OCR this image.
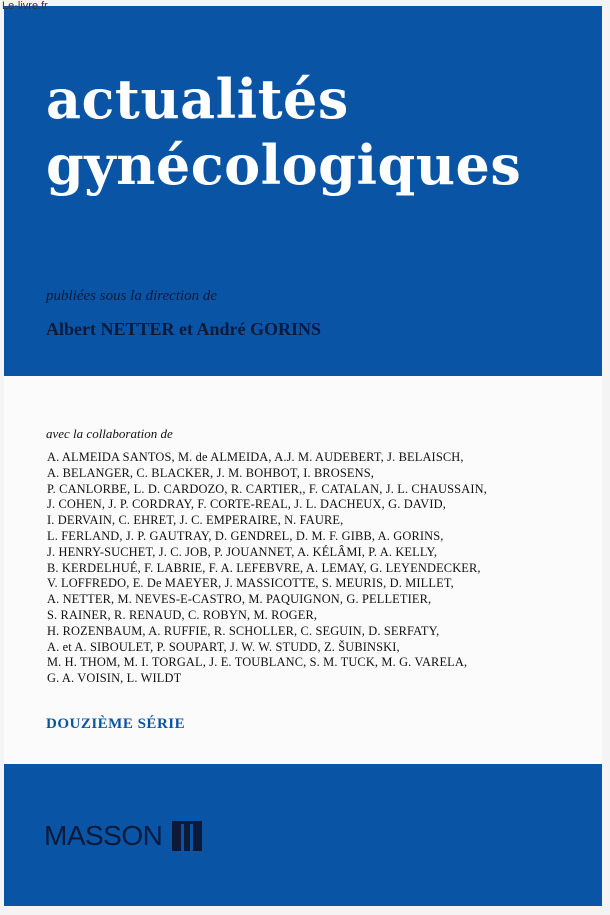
Le-livre.fr
actualités
gynécologiques
publiées sous la direction de
Albert NETTER et André GORINS
avec la collaboration de
A. ALMEIDA SANTOS, M. de ALMEIDA, A.J. M. AUDEBERT, J. BELAISCH,
A. BELANGER, C. BLACKER, J. M. BOHBOT, I. BROSENS,
P. CANLORBE, L. D. CARDOZO, R. CARTIER,, F. CATALAN, J. L. CHAUSSAIN,
J. COHEN, J. P. CORDRAY, F. CORTE-REAL, J. L. DACHEUX, G. DAVID,
I. DERVAIN, C. EHRET, J. C. EMPERAIRE, N. FAURE,
L. FERLAND, J. P. GAUTRAY, D. GENDREL, D. M. F. GIBB, A. GORINS,
J. HENRY-SUCHET, J. C. JOB, P. JOUANNET, A. KÉLÂMI, P. A. KELLY,
B. KERDELHUÉ, F. LABRIE, F. A. LEFEBVRE, A. LEMAY, G. LEYENDECKER,
V. LOFFREDO, E. De MAEYER, J. MASSICOTTE, S. MEURIS, D. MILLET,
A. NETTER, M. NEVES-E-CASTRO, M. PAQUIGNON, G. PELLETIER,
S. RAINER, R. RENAUD, C. ROBYN, M. ROGER,
H. ROZENBAUM, A. RUFFIE, R. SCHOLLER, C. SEGUIN, D. SERFATY,
A. et A. SIBOULET, P. SOUPART, J. W. W. STUDD, Z. ŠUBINSKI,
M. H. THOM, M. I. TORGAL, J. E. TOUBLANC, S. M. TUCK, M. G. VARELA,
G. A. VOISIN, L. WILDT
DOUZIÈME SÉRIE
MASSON
